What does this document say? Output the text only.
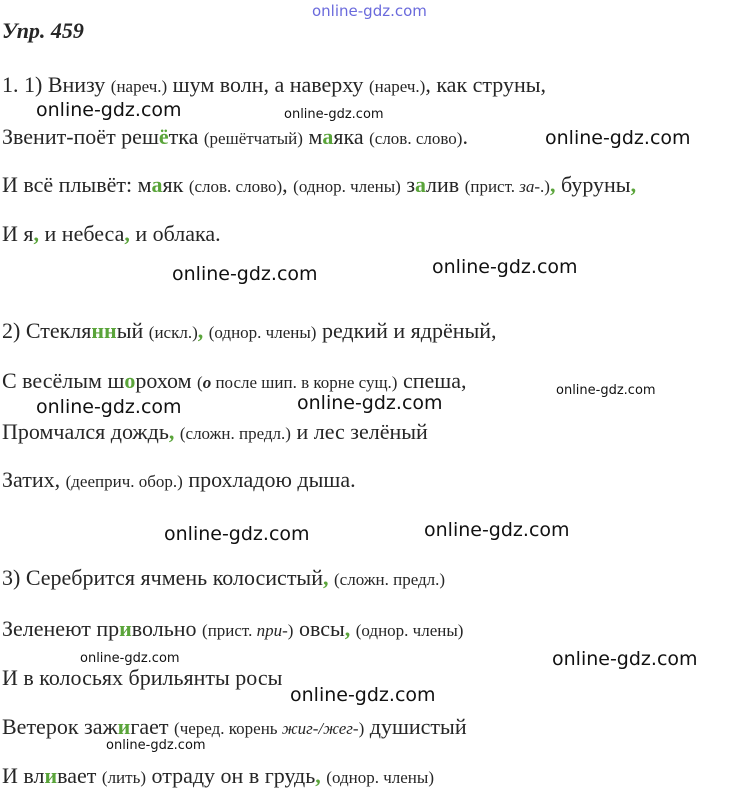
online-gdz.com
Упр. 459
1. 1) Внизу (нареч.) шум волн, а наверху (нареч.), как струны,
Звенит-поёт решётка (решётчатый) маяка (слов. слово).
И всё плывёт: маяк (слов. слово), (однор. члены) залив (прист. за-.), буруны,
И я, и небеса, и облака.
2) Стеклянный (искл.), (однор. члены) редкий и ядрёный,
С весёлым шорохом (о после шип. в корне сущ.) спеша,
Промчался дождь, (сложн. предл.) и лес зелёный
Затих, (дееприч. обор.) прохладою дыша.
3) Серебрится ячмень колосистый, (сложн. предл.)
Зеленеют привольно (прист. при-) овсы, (однор. члены)
И в колосьях брильянты росы
Ветерок зажигает (черед. корень жиг-/жег-) душистый
И вливает (лить) отраду он в грудь, (однор. члены)
online-gdz.com	online-gdz.com
online-gdz.com
online-gdz.com	online-gdz.com
online-gdz.com
online-gdz.com	online-gdz.com
online-gdz.com	online-gdz.com
online-gdz.com	online-gdz.com
online-gdz.com
online-gdz.com
